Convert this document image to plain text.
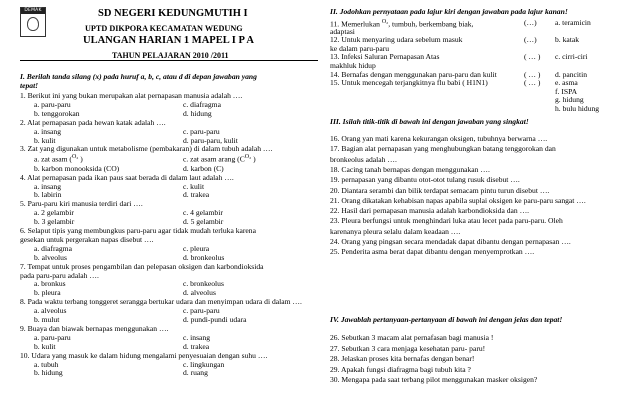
DEMAK	SD NEGERI KEDUNGMUTIH I
UPTD DIKPORA KECAMATAN WEDUNG
ULANGAN HARIAN 1 MAPEL I P A
TAHUN PELAJARAN 2010 /2011
I. Berilah tanda silang (x) pada huruf a, b, c, atau d di depan jawaban yang
tepat!
1. Berikut ini yang bukan merupakan alat pernapasan manusia adalah ….
a. paru-paru	c. diafragma
b. tenggorokan	d. hidung
2. Alat pernapasan pada hewan katak adalah ….
a. insang	c. paru-paru
b. kulit	d. paru-paru, kulit
3. Zat yang digunakan untuk metabolisme (pembakaran) di dalam tubuh adalah ….
a. zat asam ($^{O_2}$ )	c. zat asam arang ($C^{O_2}$ )
b. karbon monooksida (CO)	d. karbon (C)
4. Alat pernapasan pada ikan paus saat berada di dalam laut adalah ….
a. insang	c. kulit
b. labirin	d. trakea
5. Paru-paru kiri manusia terdiri dari ….
a. 2 gelambir	c. 4 gelambir
b. 3 gelambir	d. 5 gelambir
6. Selaput tipis yang membungkus paru-paru agar tidak mudah terluka karena
gesekan untuk pergerakan napas disebut ….
a. diafragma	c. pleura
b. alveolus	d. bronkeolus
7. Tempat untuk proses pengambilan dan pelepasan oksigen dan karbondioksida
pada paru-paru adalah ….
a. bronkus	c. bronkeolus
b. pleura	d. alveolus
8. Pada waktu terbang tonggeret serangga bertukar udara dan menyimpan udara di dalam ….
a. alveolus	c. paru-paru
b. mulut	d. pundi-pundi udara
9. Buaya dan biawak bernapas menggunakan ….
a. paru-paru	c. insang
b. kulit	d. trakea
10. Udara yang masuk ke dalam hidung mengalami penyesuaian dengan suhu ….
a. tubuh	c. lingkungan
b. hidung	d. ruang
II. Jodohkan pernyataan pada lajur kiri dengan jawaban pada lajur kanan!
11. Memerlukan $^{O_2}$, tumbuh, berkembang biak,	(…) a. teramicin
adaptasi
12. Untuk menyaring udara sebelum masuk	(…) b. katak
ke dalam paru-paru
13. Infeksi Saluran Pernapasan Atas	( … ) c. cirri-ciri
makhluk hidup
14. Bernafas dengan menggunakan paru-paru dan kulit	( … ) d. pancitin
15. Untuk mencegah terjangkitnya flu babi ( H1N1)	( … ) e. asma
f. ISPA
g. hidung
h. bulu hidung
III. Isilah titik-titik di bawah ini dengan jawaban yang singkat!
16. Orang yan mati karena kekurangan oksigen, tubuhnya berwarna ….
17. Bagian alat pernapasan yang menghubungkan batang tenggorokan dan
bronkeolus adalah ….
18. Cacing tanah bernapas dengan menggunakan ….
19. pernapasan yang dibantu otot-otot tulang rusuk disebut ….
20. Diantara serambi dan bilik terdapat semacam pintu turun disebut ….
21. Orang dikatakan kehabisan napas apabila suplai oksigen ke paru-paru sangat ….
22. Hasil dari pernapasan manusia adalah karbondioksida dan ….
23. Pleura berfungsi untuk menghindari luka atau lecet pada paru-paru. Oleh
karenanya pleura selalu dalam keadaan ….
24. Orang yang pingsan secara mendadak dapat dibantu dengan pernapasan ….
25. Penderita asma berat dapat dibantu dengan menyemprotkan ….
IV. Jawablah pertanyaan-pertanyaan di bawah ini dengan jelas dan tepat!
26. Sebutkan 3 macam alat pernafasan bagi manusia !
27. Sebutkan 3 cara menjaga kesehatan paru- paru!
28. Jelaskan proses kita bernafas dengan benar!
29. Apakah fungsi diafragma bagi tubuh kita ?
30. Mengapa pada saat terbang pilot menggunakan masker oksigen?
